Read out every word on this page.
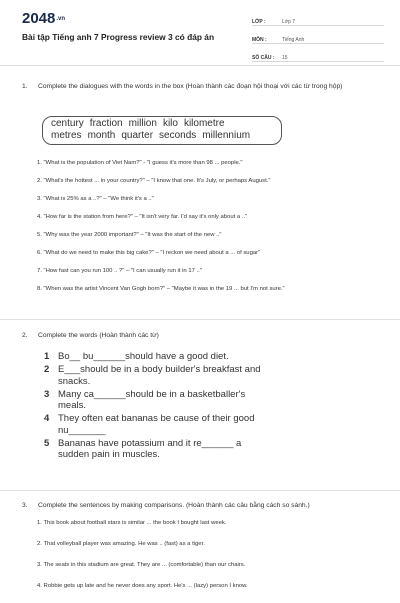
2048.vn
Bài tập Tiếng anh 7 Progress review 3 có đáp án
LỚP :	Lớp 7
MÔN :	Tiếng Anh
SỐ CÂU :	15
1. Complete the dialogues with the words in the box (Hoàn thành các đoạn hội thoại với các từ trong hộp)
century fraction million kilo kilometre
metres month quarter seconds millennium
1. "What is the population of Viet Nam?" - "I guess it's more than 98 ... people."
2. "What's the hottest ... in your country?" – "I know that one. It's July, or perhaps August."
3. "What is 25% as a ..?" – "We think it's a .."
4. "How far is the station from here?" – "It isn't very far. I'd say it's only about a .."
5. "Why was the year 2000 important?" – "It was the start of the new .."
6. "What do we need to make this big cake?" – "I reckon we need about a ... of sugar"
7. "How fast can you run 100 .. ?" – "I can usually run it in 17 .."
8. "When was the artist Vincent Van Gogh born?" – "Maybe it was in the 19 ... but I'm not sure."
2. Complete the words (Hoàn thành các từ)
1 Bo__ bu______should have a good diet.
2 E___should be in a body builder's breakfast and snacks.
3 Many ca______should be in a basketballer's meals.
4 They often eat bananas be cause of their good nu_______
5 Bananas have potassium and it re______ a sudden pain in muscles.
3. Complete the sentences by making comparisons. (Hoàn thành các câu bằng cách so sánh.)
1. This book about football stars is similar ... the book I bought last week.
2. That volleyball player was amazing. He was .. (fast) as a tiger.
3. The seats in this stadium are great. They are ... (comfortable) than our chairs.
4. Robbie gets up late and he never does any sport. He's ... (lazy) person I know.
